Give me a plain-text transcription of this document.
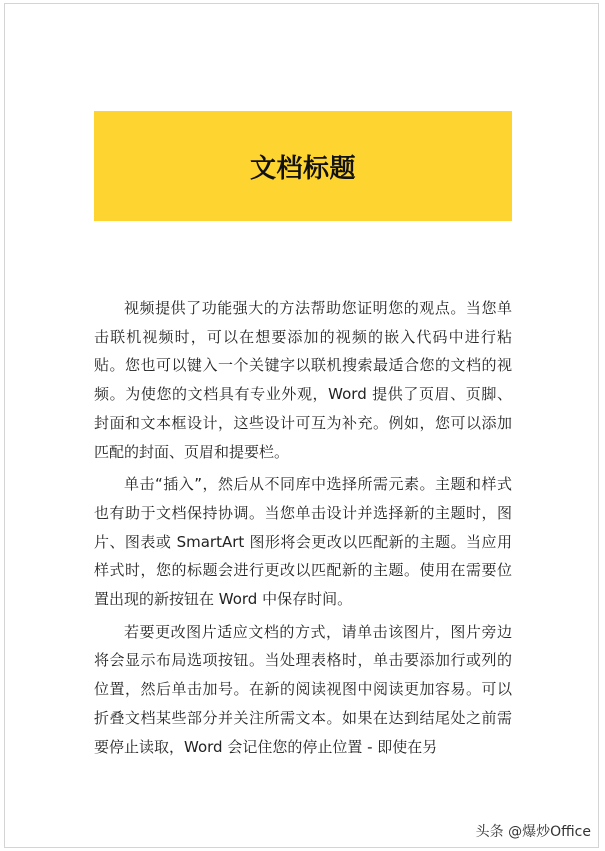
文档标题

视频提供了功能强大的方法帮助您证明您的观点。当您单击联机视频时，可以在想要添加的视频的嵌入代码中进行粘贴。您也可以键入一个关键字以联机搜索最适合您的文档的视频。为使您的文档具有专业外观，Word 提供了页眉、页脚、封面和文本框设计，这些设计可互为补充。例如，您可以添加匹配的封面、页眉和提要栏。

单击“插入”，然后从不同库中选择所需元素。主题和样式也有助于文档保持协调。当您单击设计并选择新的主题时，图片、图表或 SmartArt 图形将会更改以匹配新的主题。当应用样式时，您的标题会进行更改以匹配新的主题。使用在需要位置出现的新按钮在 Word 中保存时间。

若要更改图片适应文档的方式，请单击该图片，图片旁边将会显示布局选项按钮。当处理表格时，单击要添加行或列的位置，然后单击加号。在新的阅读视图中阅读更加容易。可以折叠文档某些部分并关注所需文本。如果在达到结尾处之前需要停止读取，Word 会记住您的停止位置 - 即使在另

头条 @爆炒Office
